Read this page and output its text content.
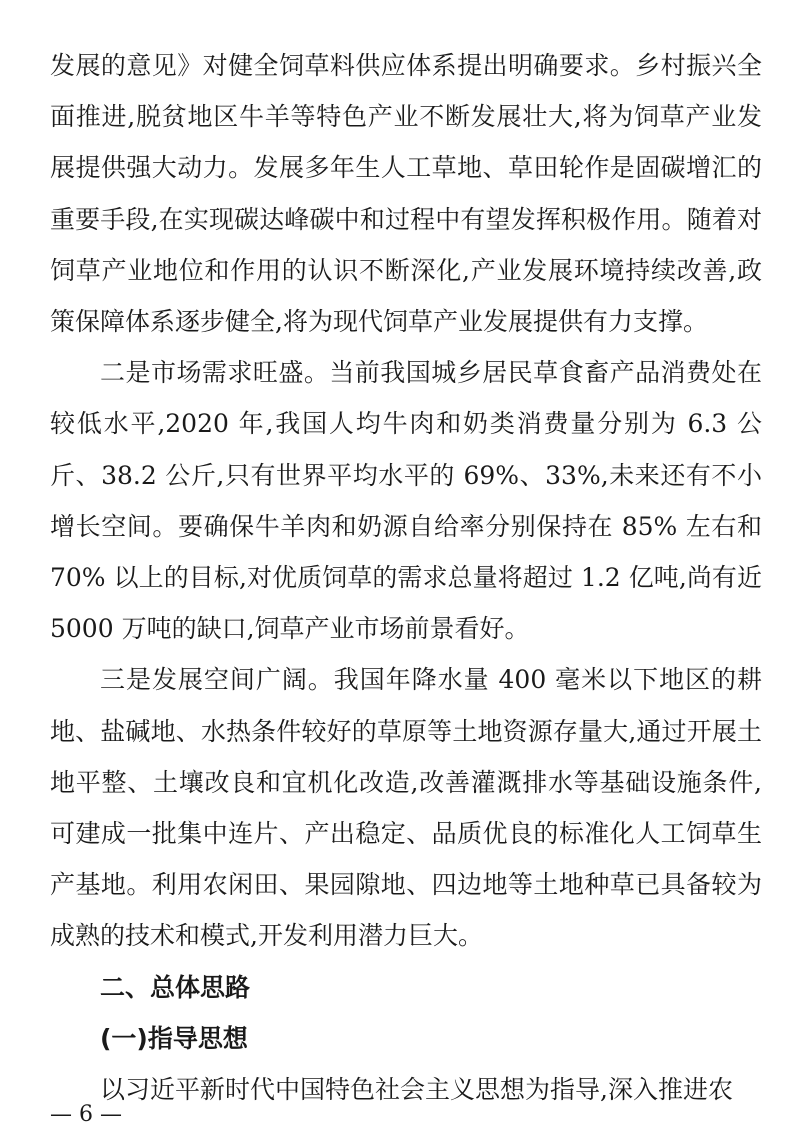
发展的意见》对健全饲草料供应体系提出明确要求。乡村振兴全面推进,脱贫地区牛羊等特色产业不断发展壮大,将为饲草产业发展提供强大动力。发展多年生人工草地、草田轮作是固碳增汇的重要手段,在实现碳达峰碳中和过程中有望发挥积极作用。随着对饲草产业地位和作用的认识不断深化,产业发展环境持续改善,政策保障体系逐步健全,将为现代饲草产业发展提供有力支撑。

二是市场需求旺盛。当前我国城乡居民草食畜产品消费处在较低水平,2020 年,我国人均牛肉和奶类消费量分别为 6.3 公斤、38.2 公斤,只有世界平均水平的 69%、33%,未来还有不小增长空间。要确保牛羊肉和奶源自给率分别保持在 85% 左右和 70% 以上的目标,对优质饲草的需求总量将超过 1.2 亿吨,尚有近 5000 万吨的缺口,饲草产业市场前景看好。

三是发展空间广阔。我国年降水量 400 毫米以下地区的耕地、盐碱地、水热条件较好的草原等土地资源存量大,通过开展土地平整、土壤改良和宜机化改造,改善灌溉排水等基础设施条件,可建成一批集中连片、产出稳定、品质优良的标准化人工饲草生产基地。利用农闲田、果园隙地、四边地等土地种草已具备较为成熟的技术和模式,开发利用潜力巨大。

二、总体思路

(一)指导思想

以习近平新时代中国特色社会主义思想为指导,深入推进农

— 6 —
